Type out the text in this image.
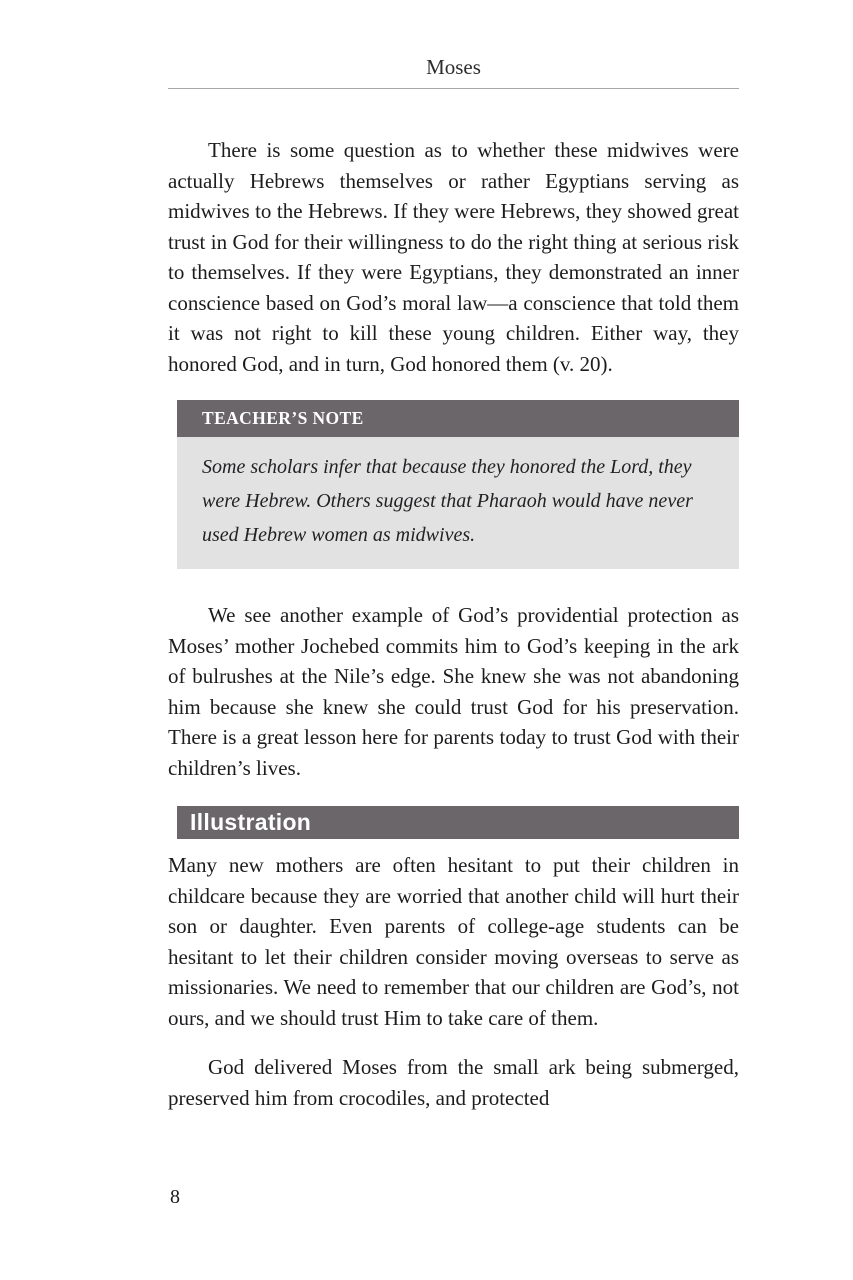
Moses

There is some question as to whether these midwives were actually Hebrews themselves or rather Egyptians serving as midwives to the Hebrews. If they were Hebrews, they showed great trust in God for their willingness to do the right thing at serious risk to themselves. If they were Egyptians, they demonstrated an inner conscience based on God’s moral law—a conscience that told them it was not right to kill these young children. Either way, they honored God, and in turn, God honored them (v. 20).

TEACHER’S NOTE
Some scholars infer that because they honored the Lord, they were Hebrew. Others suggest that Pharaoh would have never used Hebrew women as midwives.

We see another example of God’s providential protection as Moses’ mother Jochebed commits him to God’s keeping in the ark of bulrushes at the Nile’s edge. She knew she was not abandoning him because she knew she could trust God for his preservation. There is a great lesson here for parents today to trust God with their children’s lives.

Illustration

Many new mothers are often hesitant to put their children in childcare because they are worried that another child will hurt their son or daughter. Even parents of college-age students can be hesitant to let their children consider moving overseas to serve as missionaries. We need to remember that our children are God’s, not ours, and we should trust Him to take care of them.

God delivered Moses from the small ark being submerged, preserved him from crocodiles, and protected

8
